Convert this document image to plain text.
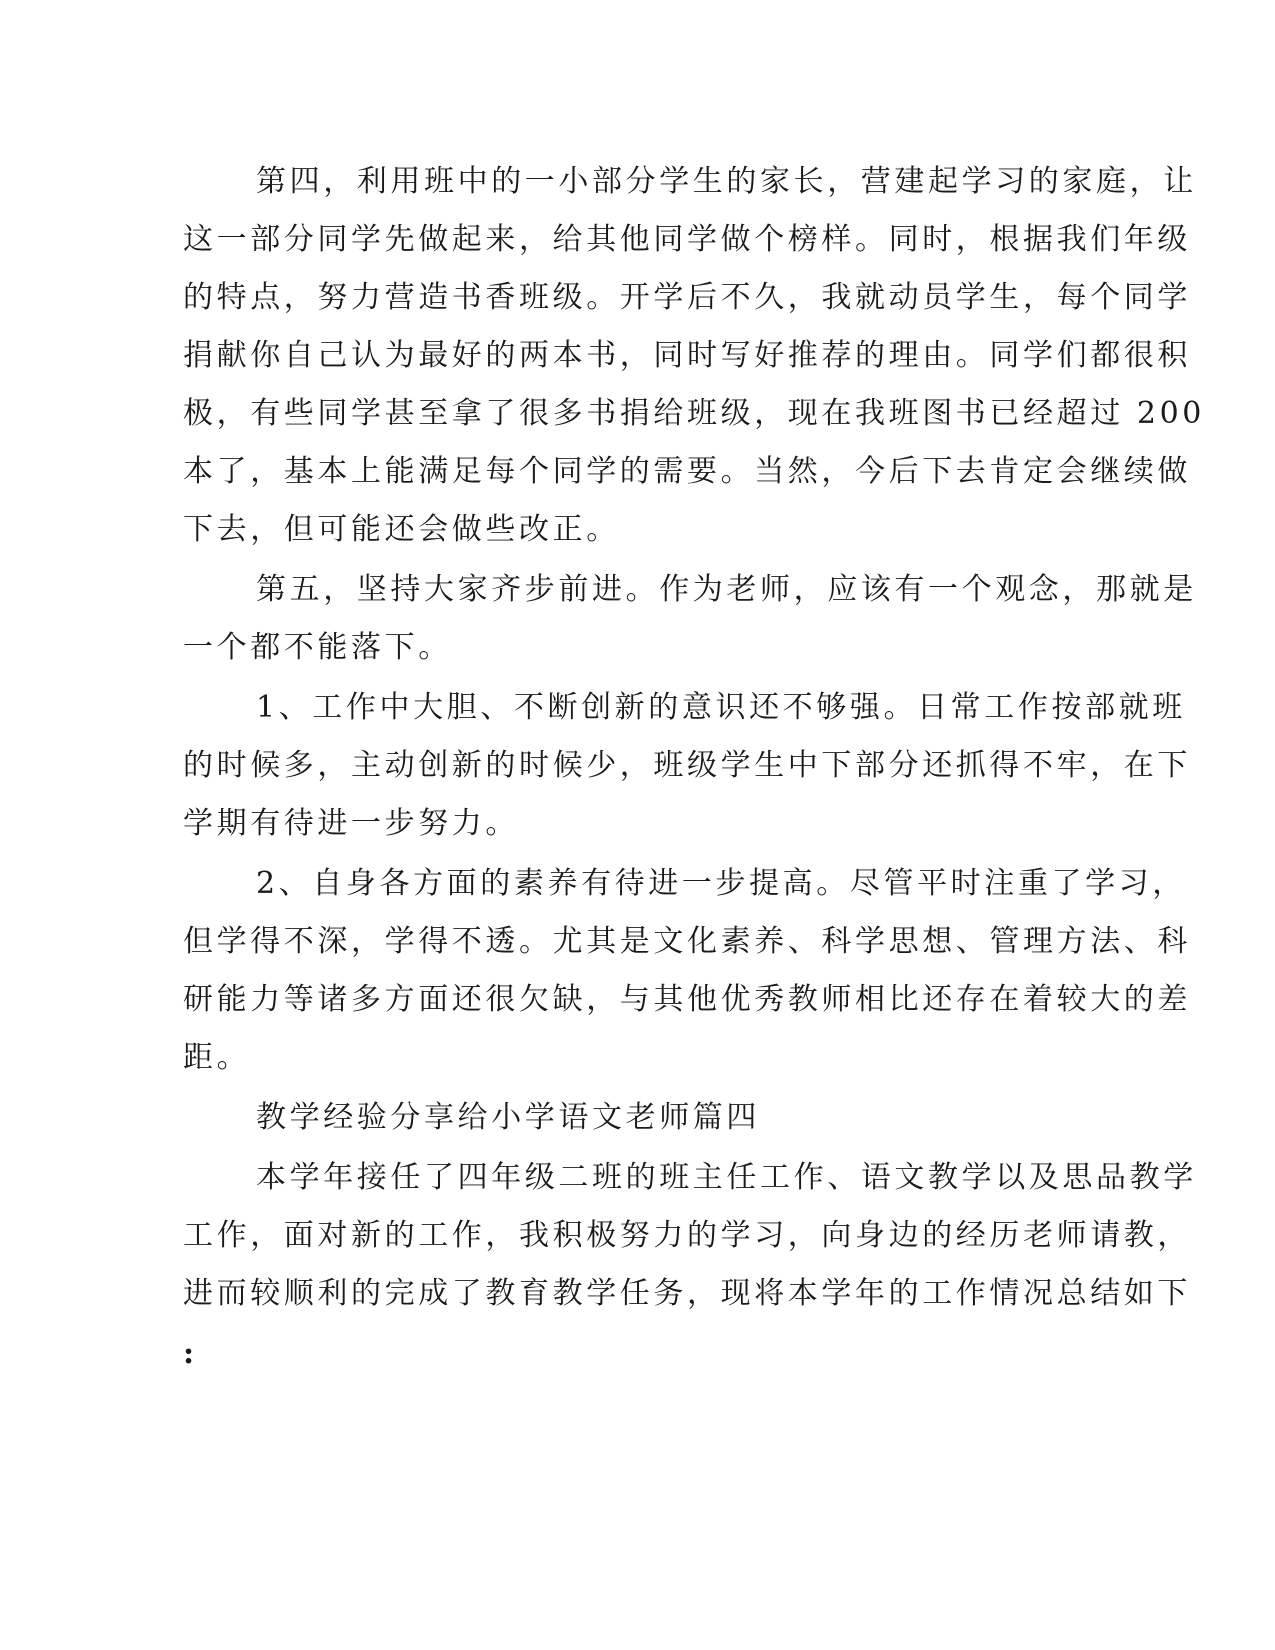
第四，利用班中的一小部分学生的家长，营建起学习的家庭，让
这一部分同学先做起来，给其他同学做个榜样。同时，根据我们年级
的特点，努力营造书香班级。开学后不久，我就动员学生，每个同学
捐献你自己认为最好的两本书，同时写好推荐的理由。同学们都很积
极，有些同学甚至拿了很多书捐给班级，现在我班图书已经超过 200
本了，基本上能满足每个同学的需要。当然，今后下去肯定会继续做
下去，但可能还会做些改正。
第五，坚持大家齐步前进。作为老师，应该有一个观念，那就是
一个都不能落下。
1、工作中大胆、不断创新的意识还不够强。日常工作按部就班
的时候多，主动创新的时候少，班级学生中下部分还抓得不牢，在下
学期有待进一步努力。
2、自身各方面的素养有待进一步提高。尽管平时注重了学习，
但学得不深，学得不透。尤其是文化素养、科学思想、管理方法、科
研能力等诸多方面还很欠缺，与其他优秀教师相比还存在着较大的差
距。
教学经验分享给小学语文老师篇四
本学年接任了四年级二班的班主任工作、语文教学以及思品教学
工作，面对新的工作，我积极努力的学习，向身边的经历老师请教，
进而较顺利的完成了教育教学任务，现将本学年的工作情况总结如下
:
